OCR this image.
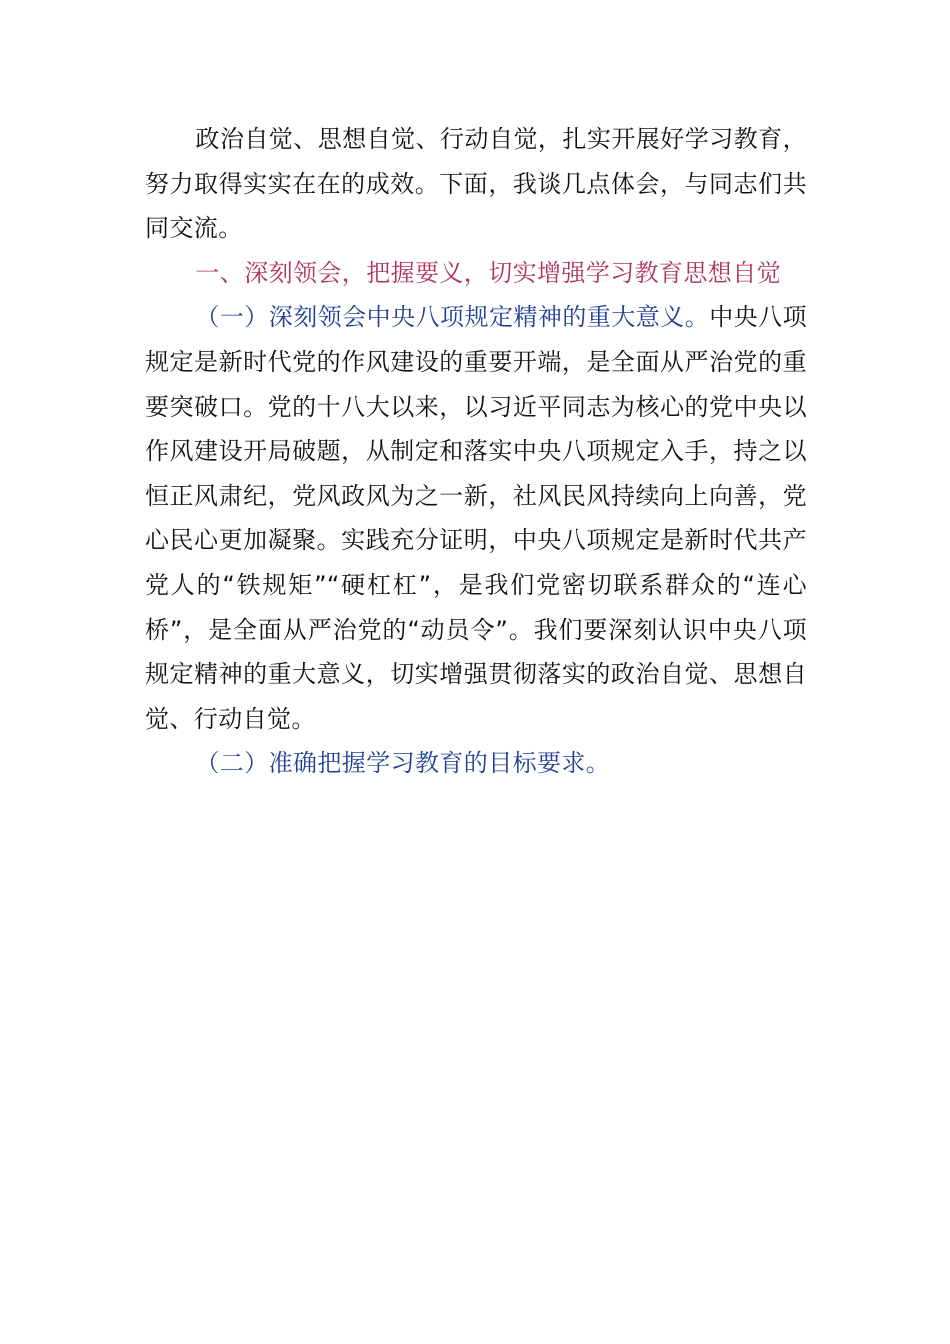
政治自觉、思想自觉、行动自觉，扎实开展好学习教育，努力取得实实在在的成效。下面，我谈几点体会，与同志们共同交流。

一、深刻领会，把握要义，切实增强学习教育思想自觉

（一）深刻领会中央八项规定精神的重大意义。中央八项规定是新时代党的作风建设的重要开端，是全面从严治党的重要突破口。党的十八大以来，以习近平同志为核心的党中央以作风建设开局破题，从制定和落实中央八项规定入手，持之以恒正风肃纪，党风政风为之一新，社风民风持续向上向善，党心民心更加凝聚。实践充分证明，中央八项规定是新时代共产党人的“铁规矩”“硬杠杠”，是我们党密切联系群众的“连心桥”，是全面从严治党的“动员令”。我们要深刻认识中央八项规定精神的重大意义，切实增强贯彻落实的政治自觉、思想自觉、行动自觉。

（二）准确把握学习教育的目标要求。
